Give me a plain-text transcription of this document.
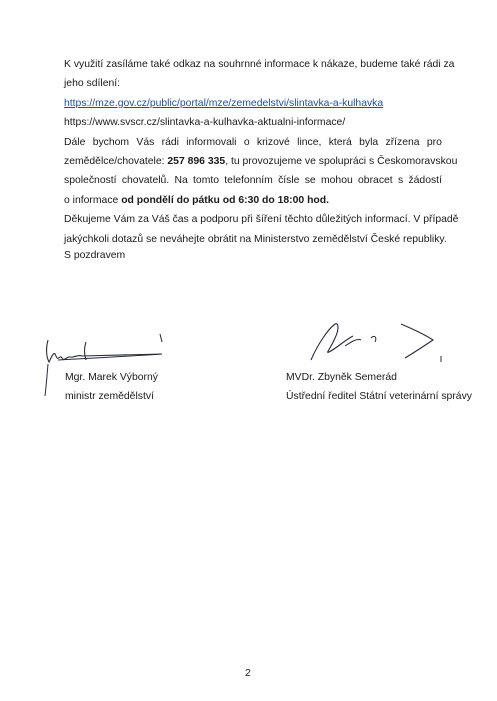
K využití zasíláme také odkaz na souhrnné informace k nákaze, budeme také rádi za
jeho sdílení:
https://mze.gov.cz/public/portal/mze/zemedelstvi/slintavka-a-kulhavka
https://www.svscr.cz/slintavka-a-kulhavka-aktualni-informace/
Dále bychom Vás rádi informovali o krizové lince, která byla zřízena pro
zemědělce/chovatele: 257 896 335, tu provozujeme ve spolupráci s Českomoravskou
společností chovatelů. Na tomto telefonním čísle se mohou obracet s žádostí
o informace od pondělí do pátku od 6:30 do 18:00 hod.
Děkujeme Vám za Váš čas a podporu při šíření těchto důležitých informací. V případě
jakýchkoli dotazů se neváhejte obrátit na Ministerstvo zemědělství České republiky.
S pozdravem
Mgr. Marek Výborný
ministr zemědělství
MVDr. Zbyněk Semerád
Ústřední ředitel Státní veterinární správy
2
